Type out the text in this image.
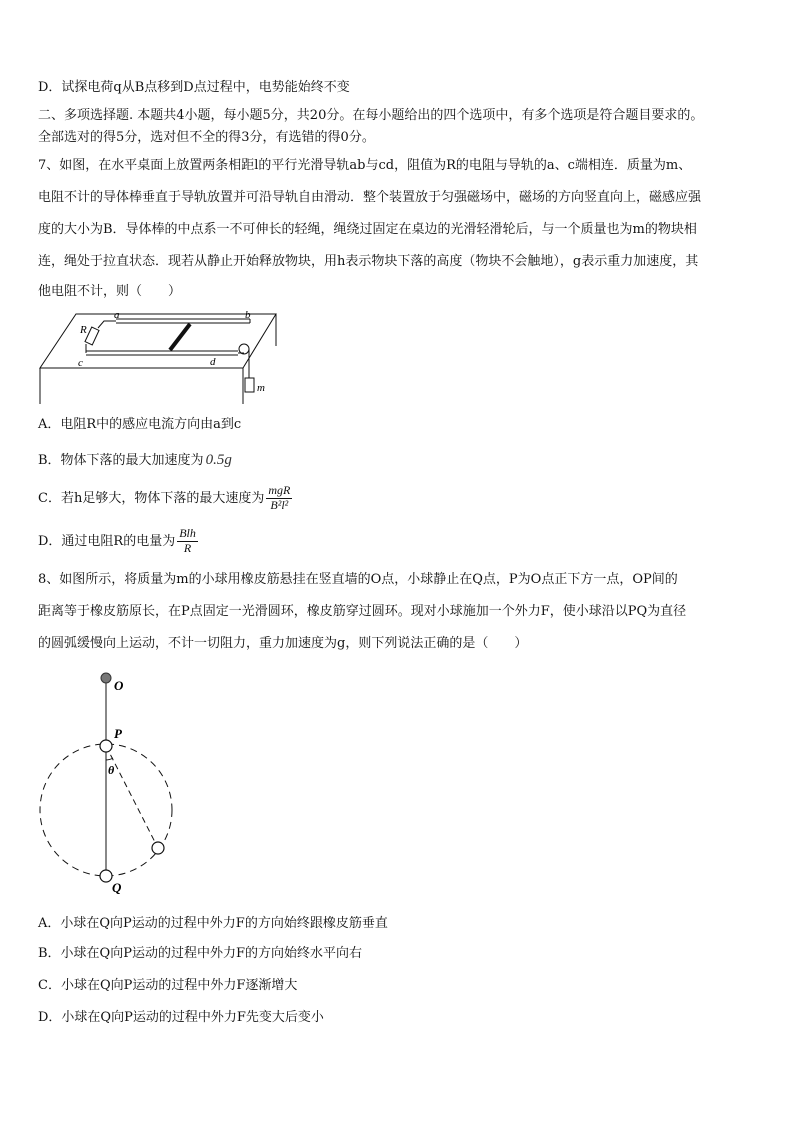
D．试探电荷q从B点移到D点过程中，电势能始终不变
二、多项选择题. 本题共4小题，每小题5分，共20分。在每小题给出的四个选项中，有多个选项是符合题目要求的。
全部选对的得5分，选对但不全的得3分，有选错的得0分。
7、如图，在水平桌面上放置两条相距l的平行光滑导轨ab与cd，阻值为R的电阻与导轨的a、c端相连．质量为m、
电阻不计的导体棒垂直于导轨放置并可沿导轨自由滑动．整个装置放于匀强磁场中，磁场的方向竖直向上，磁感应强
度的大小为B．导体棒的中点系一不可伸长的轻绳，绳绕过固定在桌边的光滑轻滑轮后，与一个质量也为m的物块相
连，绳处于拉直状态．现若从静止开始释放物块，用h表示物块下落的高度（物块不会触地），g表示重力加速度，其
他电阻不计，则（　　）
a
R
b
c	d
m
A．电阻R中的感应电流方向由a到c
B．物体下落的最大加速度为 0.5g
C．若h足够大，物体下落的最大速度为 $\frac{\text{mgR}}{\text{B²l²}}$
D．通过电阻R的电量为 $\frac{\text{Blh}}{R}$
8、如图所示，将质量为m的小球用橡皮筋悬挂在竖直墙的O点，小球静止在Q点，P为O点正下方一点，OP间的
距离等于橡皮筋原长，在P点固定一光滑圆环，橡皮筋穿过圆环。现对小球施加一个外力F，使小球沿以PQ为直径
的圆弧缓慢向上运动，不计一切阻力，重力加速度为g，则下列说法正确的是（　　）
O
P
θ
Q
A．小球在Q向P运动的过程中外力F的方向始终跟橡皮筋垂直
B．小球在Q向P运动的过程中外力F的方向始终水平向右
C．小球在Q向P运动的过程中外力F逐渐增大
D．小球在Q向P运动的过程中外力F先变大后变小
